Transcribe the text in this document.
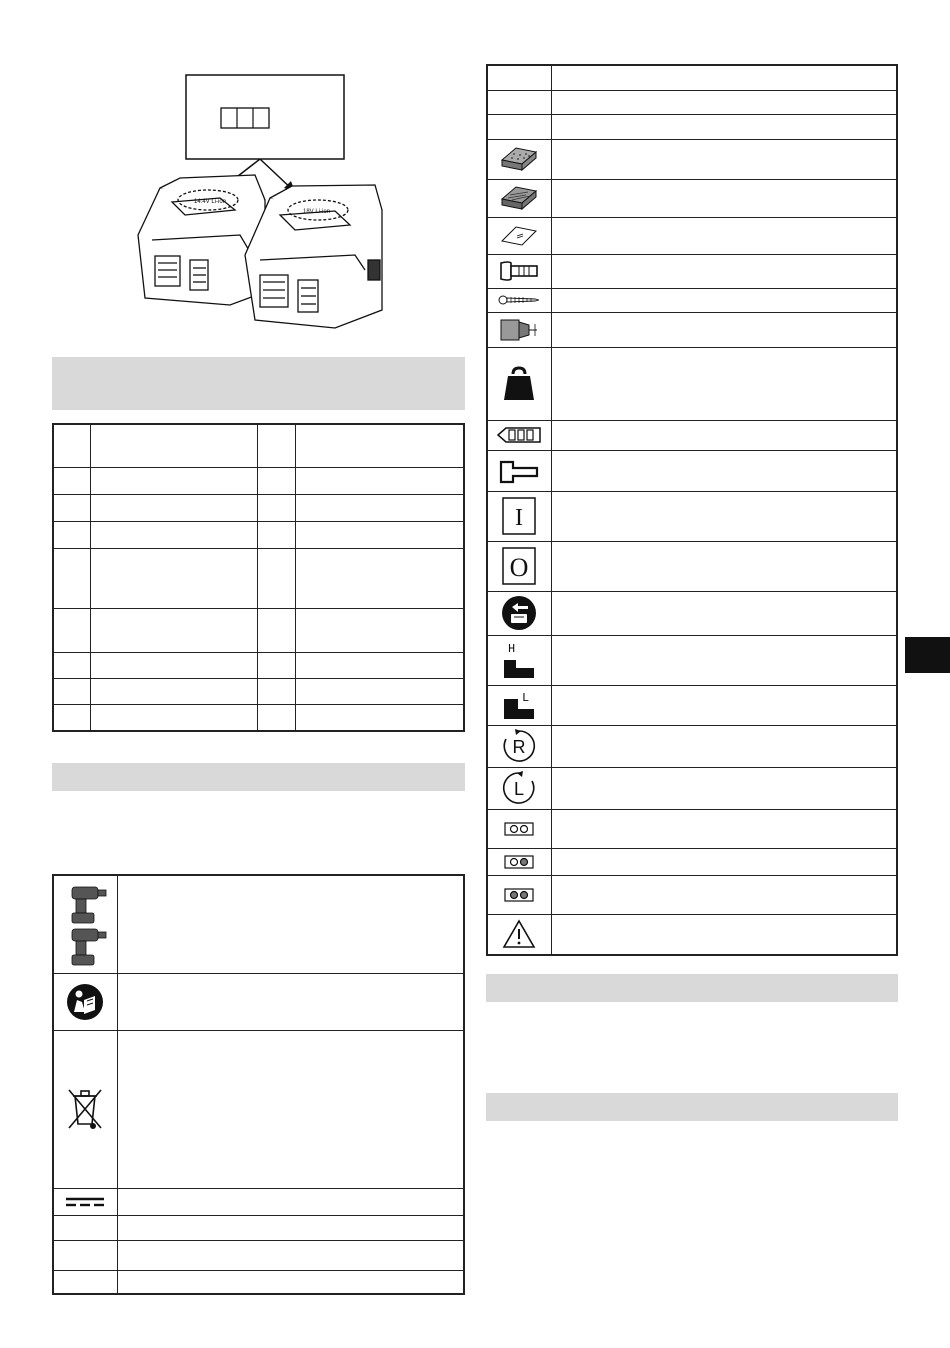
14.4V Li-ion
18V Li-ion

I	

O	

H	

L	

R	

L	
